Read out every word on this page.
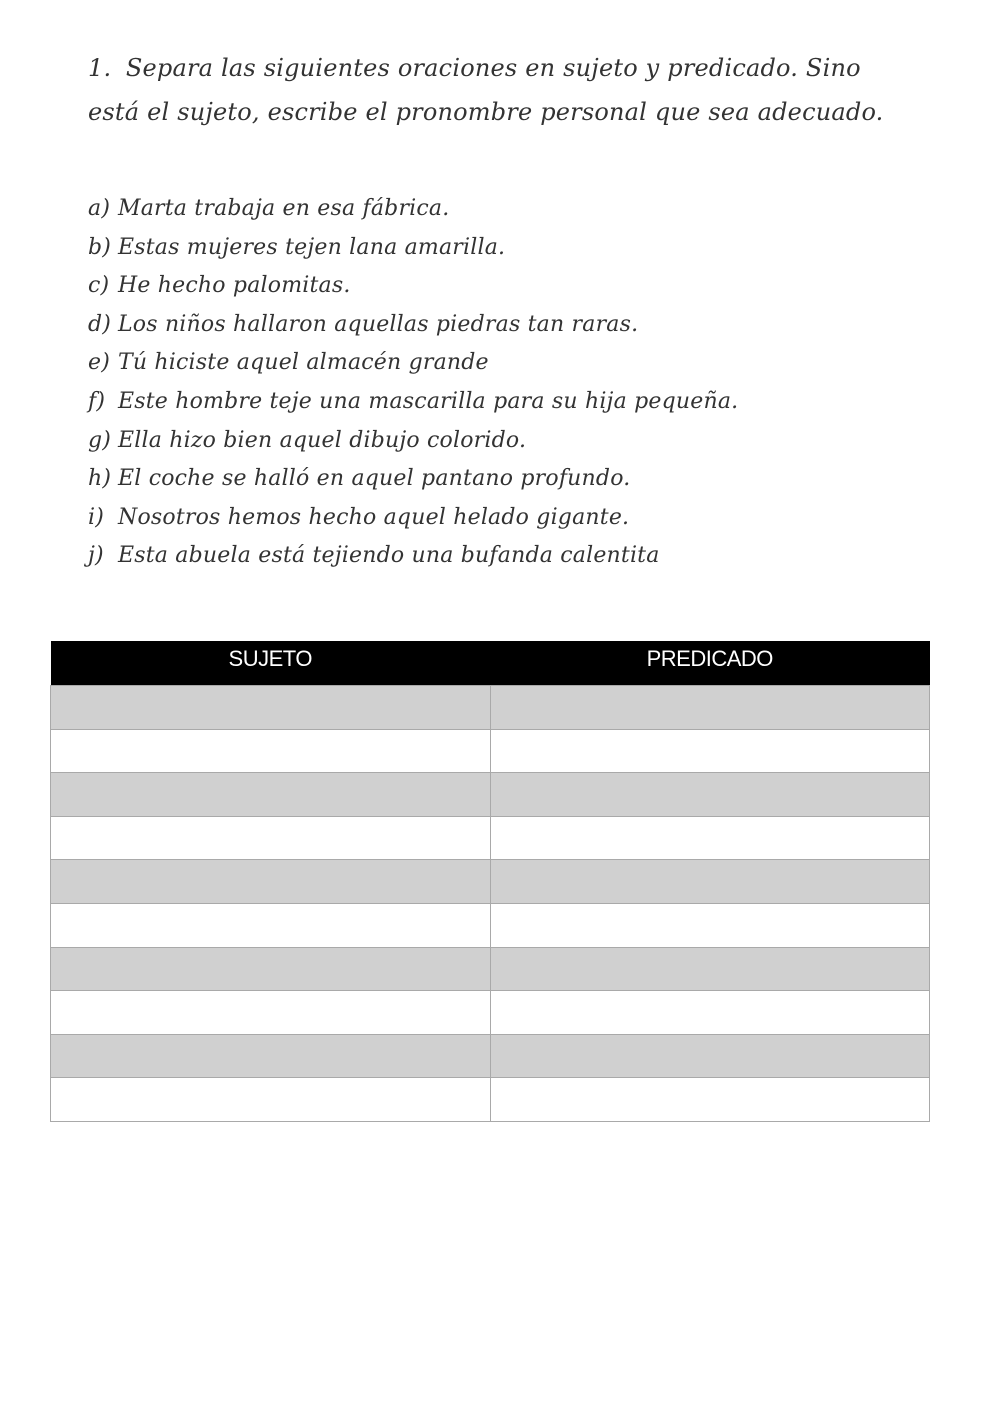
1. Separa las siguientes oraciones en sujeto y predicado. Sino está el sujeto, escribe el pronombre personal que sea adecuado.
a) Marta trabaja en esa fábrica.
b) Estas mujeres tejen lana amarilla.
c) He hecho palomitas.
d) Los niños hallaron aquellas piedras tan raras.
e) Tú hiciste aquel almacén grande
f) Este hombre teje una mascarilla para su hija pequeña.
g) Ella hizo bien aquel dibujo colorido.
h) El coche se halló en aquel pantano profundo.
i) Nosotros hemos hecho aquel helado gigante.
j) Esta abuela está tejiendo una bufanda calentita
SUJETO	PREDICADO
